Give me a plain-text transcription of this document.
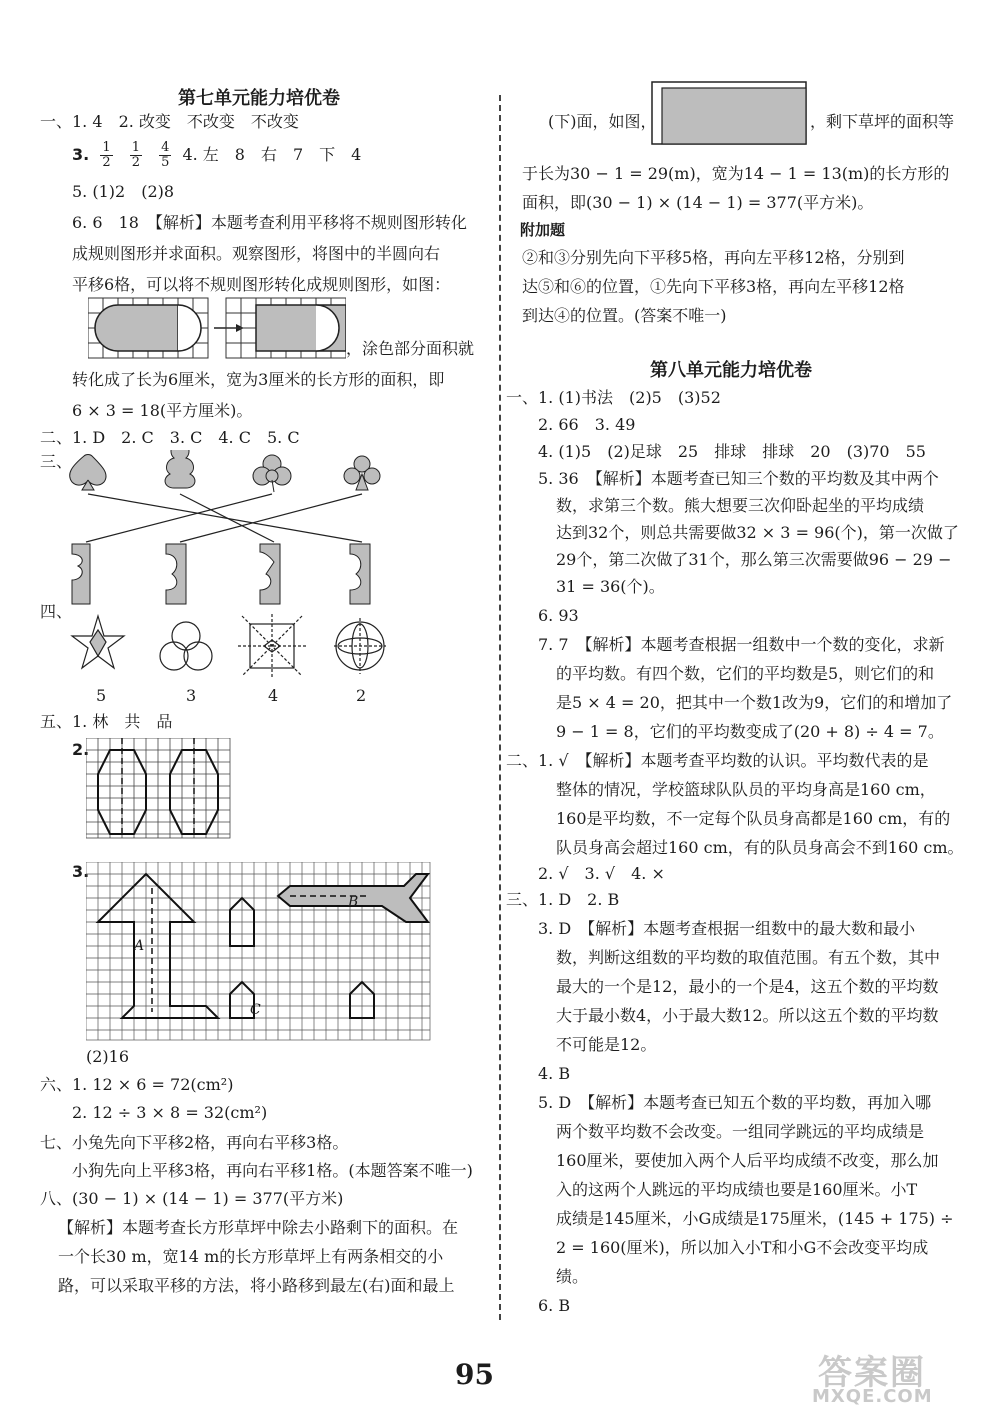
第七单元能力培优卷
一、1. 4　 2. 改变　不改变　不改变
3. $\frac{1}{2}$
$\frac{1}{2}$
$\frac{4}{5} 4$. 左　8　右　7　下　4
5. (1)2　(2)8
6. 6　18　【解析】本题考查利用平移将不规则图形转化
成规则图形并求面积。观察图形，将图中的半圆向右
平移6格，可以将不规则图形转化成规则图形，如图：
，涂色部分面积就
转化成了长为6厘米，宽为3厘米的长方形的面积，即
6 × 3 = 18(平方厘米)。
二、1. D　2. C　3. C　4. C　5. C
三、
四、
5	3	4	2
五、1. 林　共　品
2.
3.
A
B
C
(2)16
六、1. 12 × 6 = 72(cm²)
2. 12 ÷ 3 × 8 = 32(cm²)
七、小兔先向下平移2格，再向右平移3格。
小狗先向上平移3格，再向右平移1格。(本题答案不唯一)
八、(30 − 1) × (14 − 1) = 377(平方米)
【解析】本题考查长方形草坪中除去小路剩下的面积。在
一个长30 m，宽14 m的长方形草坪上有两条相交的小
路，可以采取平移的方法，将小路移到最左(右)面和最上
(下)面，如图，	，剩下草坪的面积等
于长为30 − 1 = 29(m)，宽为14 − 1 = 13(m)的长方形的
面积，即(30 − 1) × (14 − 1) = 377(平方米)。
附加题
②和③分别先向下平移5格，再向左平移12格，分别到
达⑤和⑥的位置，①先向下平移3格，再向左平移12格
到达④的位置。(答案不唯一)
第八单元能力培优卷
一、1. (1)书法　(2)5　(3)52
2. 66　3. 49
4. (1)5　(2)足球　25　排球　排球　20　(3)70　55
5. 36　【解析】本题考查已知三个数的平均数及其中两个
数，求第三个数。熊大想要三次仰卧起坐的平均成绩
达到32个，则总共需要做32 × 3 = 96(个)，第一次做了
29个，第二次做了31个，那么第三次需要做96 − 29 −
31 = 36(个)。
6. 93
7. 7　【解析】本题考查根据一组数中一个数的变化，求新
的平均数。有四个数，它们的平均数是5，则它们的和
是5 × 4 = 20，把其中一个数1改为9，它们的和增加了
9 − 1 = 8，它们的平均数变成了(20 + 8) ÷ 4 = 7。
二、1. √　【解析】本题考查平均数的认识。平均数代表的是
整体的情况，学校篮球队队员的平均身高是160 cm，
160是平均数，不一定每个队员身高都是160 cm，有的
队员身高会超过160 cm，有的队员身高会不到160 cm。
2. √　3. √　4. ×
三、1. D　2. B
3. D　【解析】本题考查根据一组数中的最大数和最小
数，判断这组数的平均数的取值范围。有五个数，其中
最大的一个是12，最小的一个是4，这五个数的平均数
大于最小数4，小于最大数12。所以这五个数的平均数
不可能是12。
4. B
5. D　【解析】本题考查已知五个数的平均数，再加入哪
两个数平均数不会改变。一组同学跳远的平均成绩是
160厘米，要使加入两个人后平均成绩不改变，那么加
入的这两个人跳远的平均成绩也要是160厘米。小T
成绩是145厘米，小G成绩是175厘米，(145 + 175) ÷
2 = 160(厘米)，所以加入小T和小G不会改变平均成
绩。
6. B
95	答案圈
MXQE.COM
